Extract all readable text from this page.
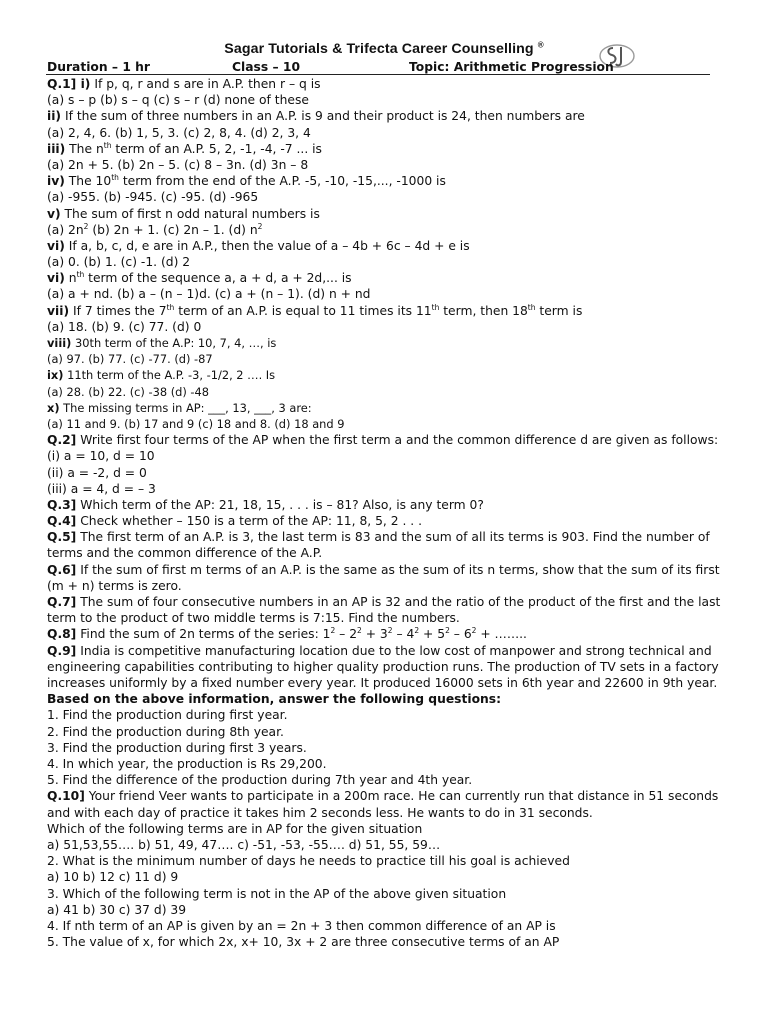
Sagar Tutorials & Trifecta Career Counselling ®
Duration – 1 hr	Class – 10	Topic: Arithmetic Progression
Q.1] i) If p, q, r and s are in A.P. then r – q is
(a) s – p (b) s – q (c) s – r (d) none of these
ii) If the sum of three numbers in an A.P. is 9 and their product is 24, then numbers are
(a) 2, 4, 6. (b) 1, 5, 3. (c) 2, 8, 4. (d) 2, 3, 4
iii) The $n^{th}$ term of an A.P. 5, 2, -1, -4, -7 ... is
(a) 2n + 5. (b) 2n – 5. (c) 8 – 3n. (d) 3n – 8
iv) The 10th term from the end of the A.P. -5, -10, -15,..., -1000 is
(a) -955. (b) -945. (c) -95. (d) -965
v) The sum of first n odd natural numbers is
(a) $2n^2$ (b) 2n + 1. (c) 2n – 1. (d) $n^2$
vi) If a, b, c, d, e are in A.P., then the value of a – 4b + 6c – 4d + e is
(a) 0. (b) 1. (c) -1. (d) 2
vi) $n^{th}$ term of the sequence a, a + d, a + 2d,... is
(a) a + nd. (b) a – (n – 1)d. (c) a + (n – 1). (d) n + nd
vii) If 7 times the 7th term of an A.P. is equal to 11 times its 11th term, then 18th term is
(a) 18. (b) 9. (c) 77. (d) 0
viii) 30th term of the A.P: 10, 7, 4, …, is
(a) 97. (b) 77. (c) -77. (d) -87
ix) 11th term of the A.P. -3, -1/2, 2 …. Is
(a) 28. (b) 22. (c) -38 (d) -48
x) The missing terms in AP: ___, 13, ___, 3 are:
(a) 11 and 9. (b) 17 and 9 (c) 18 and 8. (d) 18 and 9
Q.2] Write first four terms of the AP when the first term a and the common difference d are given as follows:
(i) a = 10, d = 10
(ii) a = -2, d = 0
(iii) a = 4, d = – 3
Q.3] Which term of the AP: 21, 18, 15, . . . is – 81? Also, is any term 0?
Q.4] Check whether – 150 is a term of the AP: 11, 8, 5, 2 . . .
Q.5] The first term of an A.P. is 3, the last term is 83 and the sum of all its terms is 903. Find the number of terms and the common difference of the A.P.
Q.6] If the sum of first m terms of an A.P. is the same as the sum of its n terms, show that the sum of its first (m + n) terms is zero.
Q.7] The sum of four consecutive numbers in an AP is 32 and the ratio of the product of the first and the last term to the product of two middle terms is 7:15. Find the numbers.
Q.8] Find the sum of 2n terms of the series: $1^2 - 2^2 + 3^2 - 4^2 + 5^2 - 6^2$ + ……..
Q.9] India is competitive manufacturing location due to the low cost of manpower and strong technical and engineering capabilities contributing to higher quality production runs. The production of TV sets in a factory increases uniformly by a fixed number every year. It produced 16000 sets in 6th year and 22600 in 9th year.
Based on the above information, answer the following questions:
1. Find the production during first year.
2. Find the production during 8th year.
3. Find the production during first 3 years.
4. In which year, the production is Rs 29,200.
5. Find the difference of the production during 7th year and 4th year.
Q.10] Your friend Veer wants to participate in a 200m race. He can currently run that distance in 51 seconds and with each day of practice it takes him 2 seconds less. He wants to do in 31 seconds.
Which of the following terms are in AP for the given situation
a) 51,53,55…. b) 51, 49, 47…. c) -51, -53, -55…. d) 51, 55, 59…
2. What is the minimum number of days he needs to practice till his goal is achieved
a) 10 b) 12 c) 11 d) 9
3. Which of the following term is not in the AP of the above given situation
a) 41 b) 30 c) 37 d) 39
4. If nth term of an AP is given by an = 2n + 3 then common difference of an AP is
5. The value of x, for which 2x, x+ 10, 3x + 2 are three consecutive terms of an AP
